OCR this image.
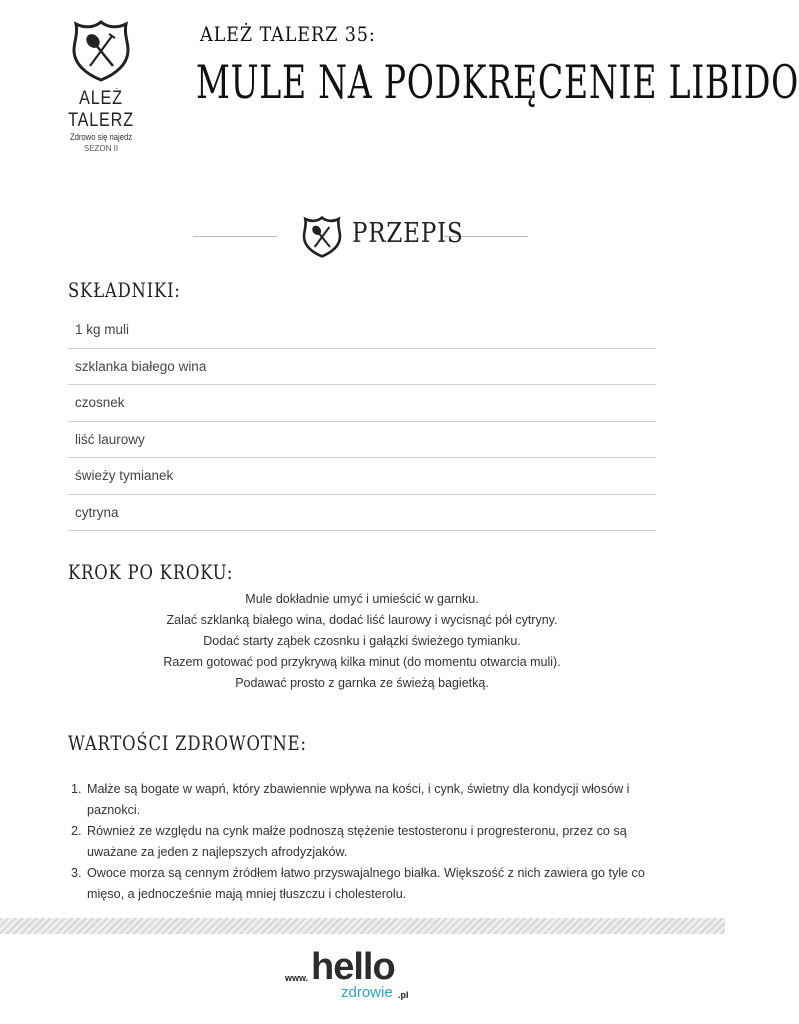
ALEŻ TALERZ
Zdrowo się najedz
SEZON II
ALEŻ TALERZ 35:
MULE NA PODKRĘCENIE LIBIDO
PRZEPIS
SKŁADNIKI:
1 kg muli
szklanka białego wina
czosnek
liść laurowy
świeży tymianek
cytryna
KROK PO KROKU:
Mule dokładnie umyć i umieścić w garnku.
Zalać szklanką białego wina, dodać liść laurowy i wycisnąć pół cytryny.
Dodać starty ząbek czosnku i gałązki świeżego tymianku.
Razem gotować pod przykrywą kilka minut (do momentu otwarcia muli).
Podawać prosto z garnka ze świeżą bagietką.
WARTOŚCI ZDROWOTNE:
1. Małże są bogate w wapń, który zbawiennie wpływa na kości, i cynk, świetny dla kondycji włosów i paznokci.
2. Również ze względu na cynk małże podnoszą stężenie testosteronu i progresteronu, przez co są uważane za jeden z najlepszych afrodyzjaków.
3. Owoce morza są cennym źródłem łatwo przyswajalnego białka. Większość z nich zawiera go tyle co mięso, a jednocześnie mają mniej tłuszczu i cholesterolu.
www. hello
zdrowie .pl
